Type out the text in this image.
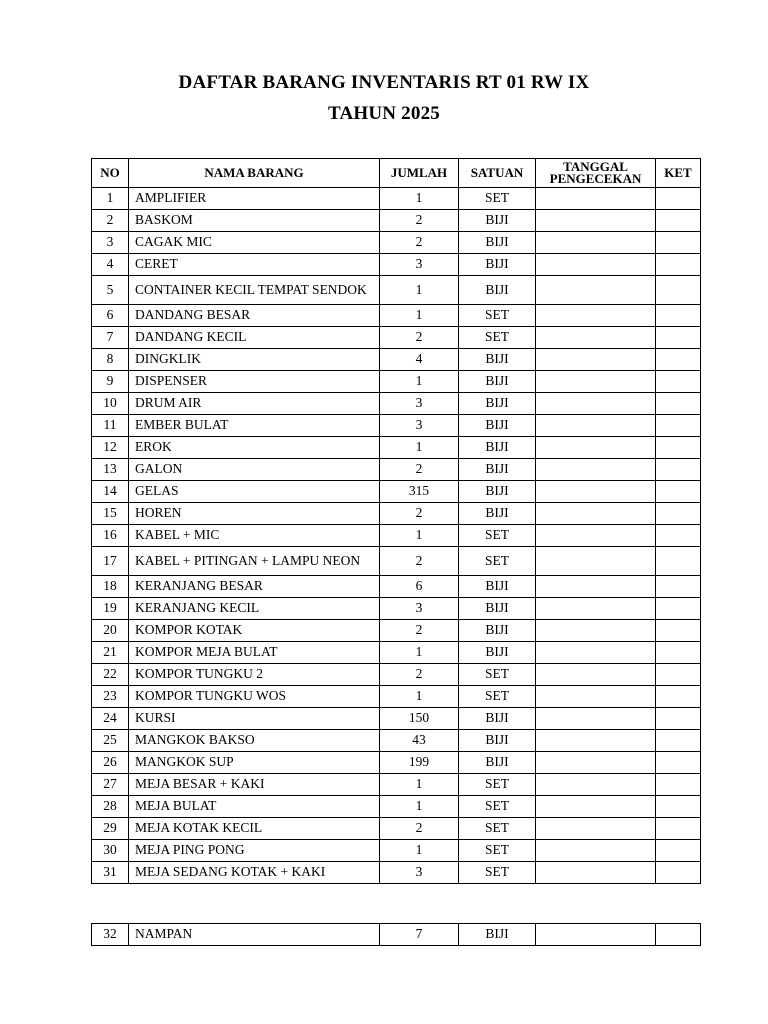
DAFTAR BARANG INVENTARIS RT 01 RW IX
TAHUN 2025
NO	NAMA BARANG	JUMLAH	SATUAN	TANGGAL PENGECEKAN	KET
1	AMPLIFIER	1	SET		
2	BASKOM	2	BIJI		
3	CAGAK MIC	2	BIJI		
4	CERET	3	BIJI		
5	CONTAINER KECIL TEMPAT SENDOK	1	BIJI		
6	DANDANG BESAR	1	SET		
7	DANDANG KECIL	2	SET		
8	DINGKLIK	4	BIJI		
9	DISPENSER	1	BIJI		
10	DRUM AIR	3	BIJI		
11	EMBER BULAT	3	BIJI		
12	EROK	1	BIJI		
13	GALON	2	BIJI		
14	GELAS	315	BIJI		
15	HOREN	2	BIJI		
16	KABEL + MIC	1	SET		
17	KABEL + PITINGAN + LAMPU NEON	2	SET		
18	KERANJANG BESAR	6	BIJI		
19	KERANJANG KECIL	3	BIJI		
20	KOMPOR KOTAK	2	BIJI		
21	KOMPOR MEJA BULAT	1	BIJI		
22	KOMPOR TUNGKU 2	2	SET		
23	KOMPOR TUNGKU WOS	1	SET		
24	KURSI	150	BIJI		
25	MANGKOK BAKSO	43	BIJI		
26	MANGKOK SUP	199	BIJI		
27	MEJA BESAR + KAKI	1	SET		
28	MEJA BULAT	1	SET		
29	MEJA KOTAK KECIL	2	SET		
30	MEJA PING PONG	1	SET		
31	MEJA SEDANG KOTAK + KAKI	3	SET		
32	NAMPAN	7	BIJI		
